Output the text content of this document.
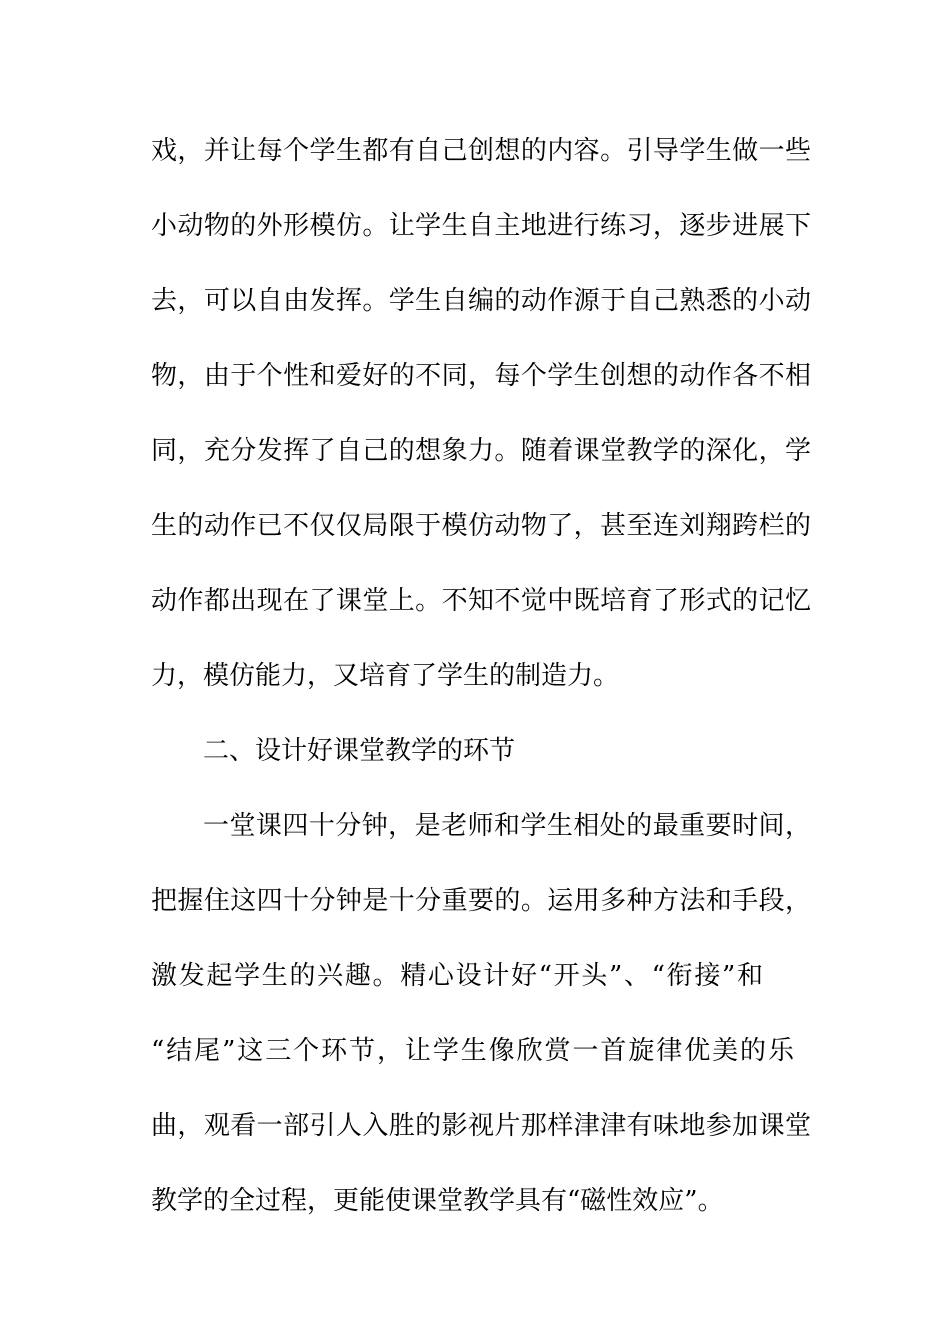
戏，并让每个学生都有自己创想的内容。引导学生做一些
小动物的外形模仿。让学生自主地进行练习，逐步进展下
去，可以自由发挥。学生自编的动作源于自己熟悉的小动
物，由于个性和爱好的不同，每个学生创想的动作各不相
同，充分发挥了自己的想象力。随着课堂教学的深化，学
生的动作已不仅仅局限于模仿动物了，甚至连刘翔跨栏的
动作都出现在了课堂上。不知不觉中既培育了形式的记忆
力，模仿能力，又培育了学生的制造力。
二、设计好课堂教学的环节
一堂课四十分钟，是老师和学生相处的最重要时间，
把握住这四十分钟是十分重要的。运用多种方法和手段，
激发起学生的兴趣。精心设计好“开头”、“衔接”和
“结尾”这三个环节，让学生像欣赏一首旋律优美的乐
曲，观看一部引人入胜的影视片那样津津有味地参加课堂
教学的全过程，更能使课堂教学具有“磁性效应”。
